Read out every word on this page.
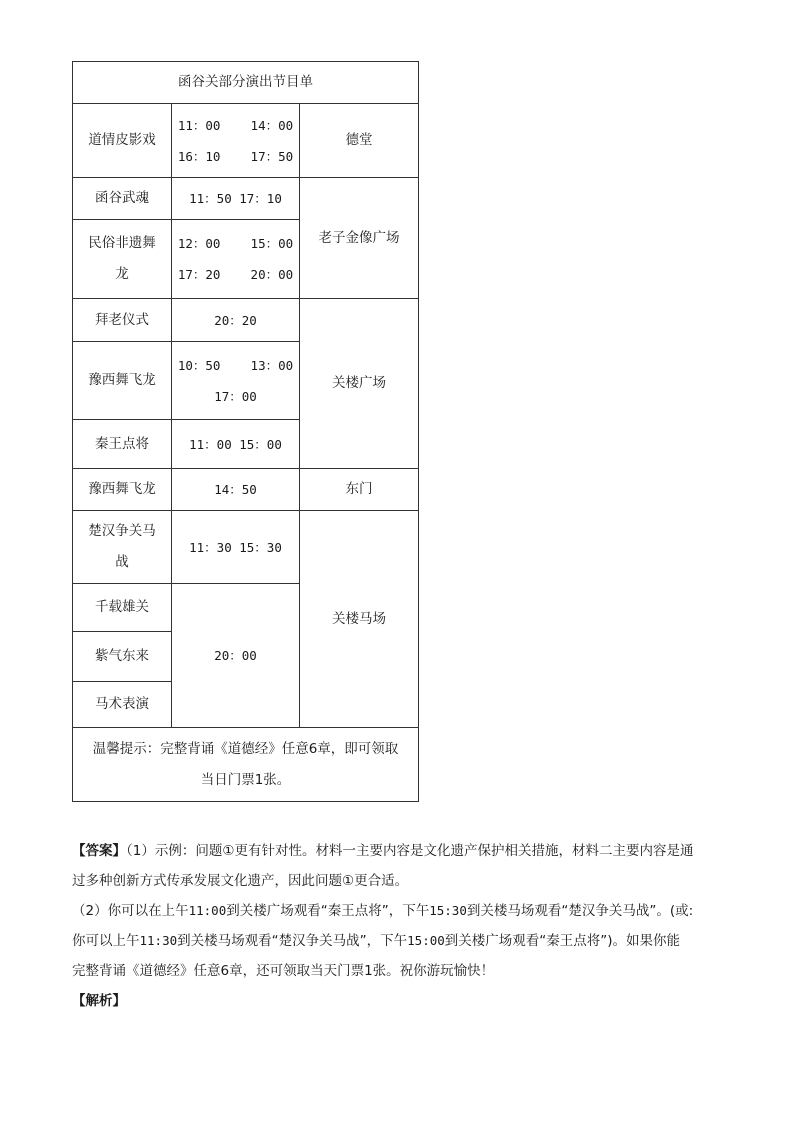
函谷关部分演出节目单		
道情皮影戏	11：00    14：00
16：10    17：50	德堂
函谷武魂	11：50 17：10	老子金像广场

民俗非遗舞
龙	12：00    15：00
17：20    20：00	

拜老仪式	20：20	关楼广场
豫西舞飞龙	10：50    13：00
17：00	

秦王点将	11：00 15：00	
豫西舞飞龙	14：50	东门

楚汉争关马
战	11：30 15：30	关楼马场
千载雄关	20：00	
紫气东来		
马术表演		

温馨提示：完整背诵《道德经》任意6章，即可领取
当日门票1张。		

【答案】（1）示例：问题①更有针对性。材料一主要内容是文化遗产保护相关措施，材料二主要内容是通

过多种创新方式传承发展文化遗产，因此问题①更合适。

（2）你可以在上午11:00到关楼广场观看“秦王点将”，下午15:30到关楼马场观看“楚汉争关马战”。(或:

你可以上午11:30到关楼马场观看“楚汉争关马战”，下午15:00到关楼广场观看“秦王点将”)。如果你能

完整背诵《道德经》任意6章，还可领取当天门票1张。祝你游玩愉快！

【解析】
